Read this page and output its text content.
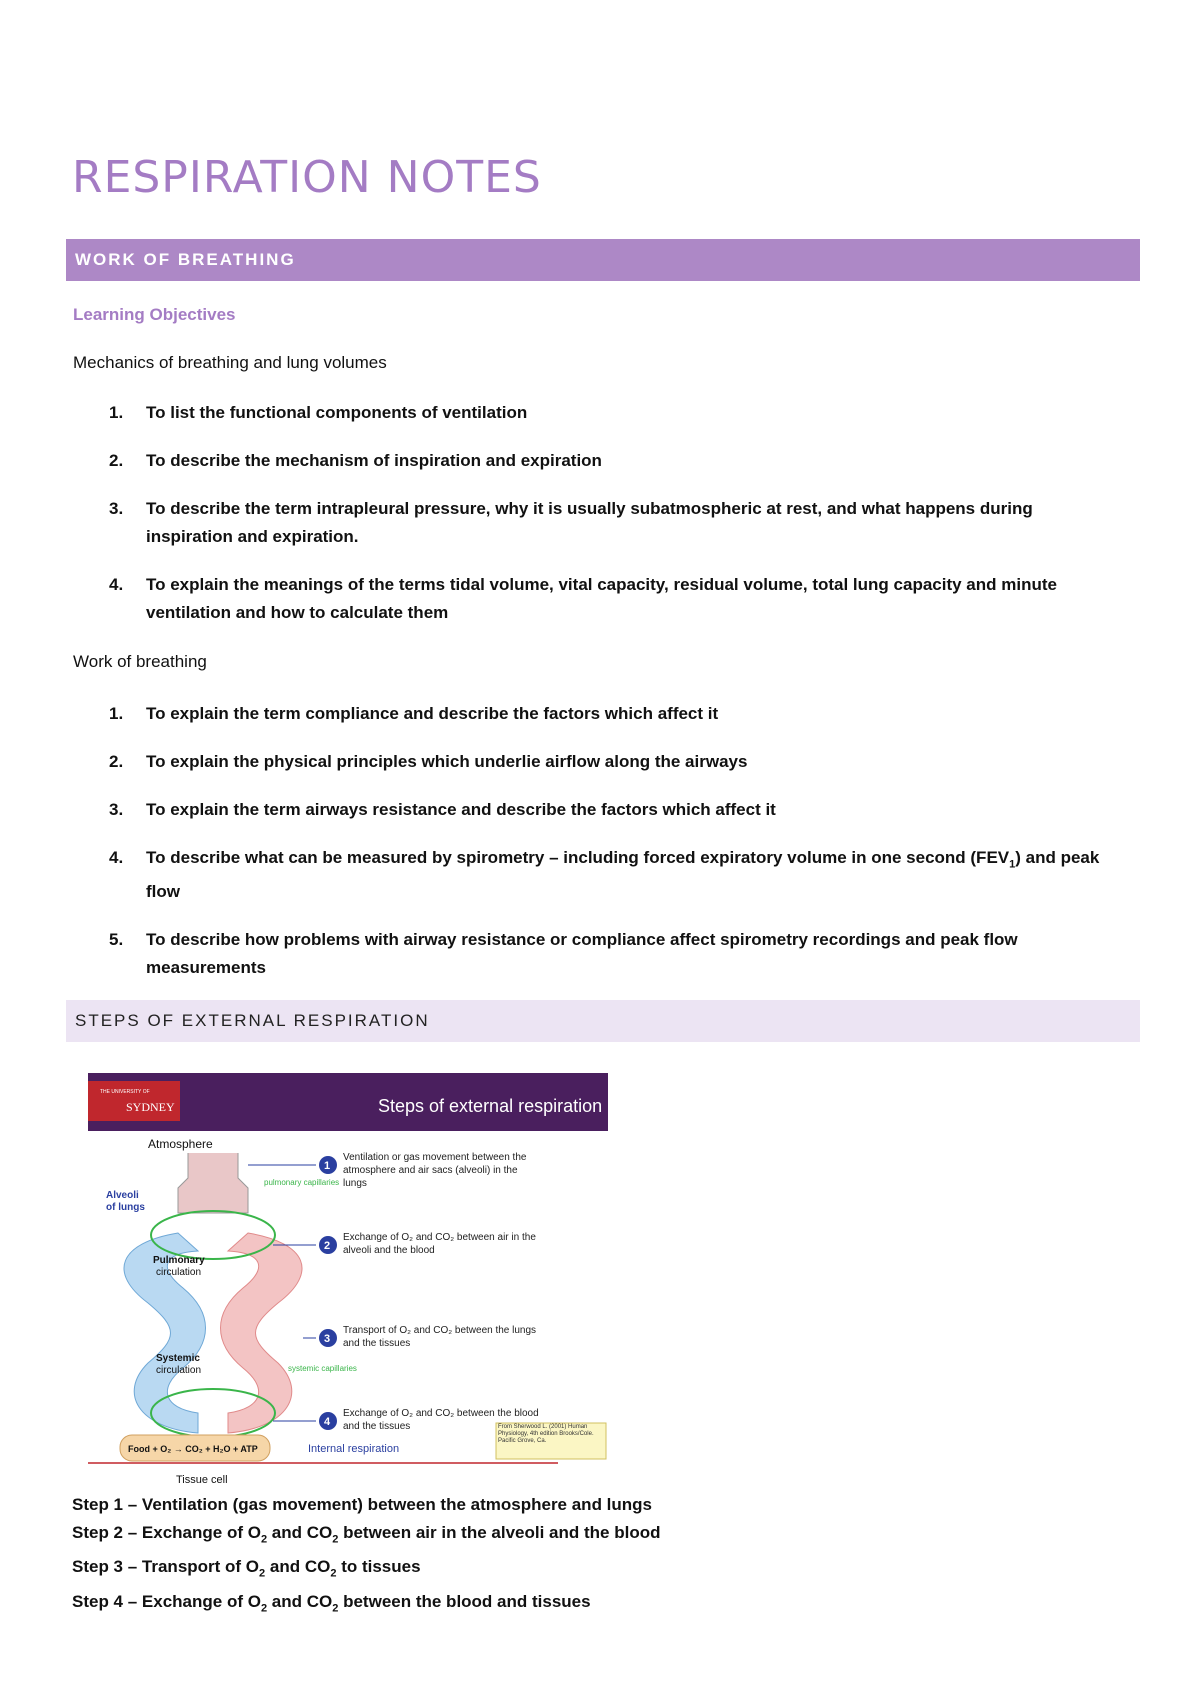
RESPIRATION NOTES
WORK OF BREATHING
Learning Objectives
Mechanics of breathing and lung volumes
1. To list the functional components of ventilation
2. To describe the mechanism of inspiration and expiration
3. To describe the term intrapleural pressure, why it is usually subatmospheric at rest, and what happens during inspiration and expiration.
4. To explain the meanings of the terms tidal volume, vital capacity, residual volume, total lung capacity and minute ventilation and how to calculate them
Work of breathing
1. To explain the term compliance and describe the factors which affect it
2. To explain the physical principles which underlie airflow along the airways
3. To explain the term airways resistance and describe the factors which affect it
4. To describe what can be measured by spirometry – including forced expiratory volume in one second $(FEV_1)$ and peak flow
5. To describe how problems with airway resistance or compliance affect spirometry recordings and peak flow measurements
STEPS OF EXTERNAL RESPIRATION
THE UNIVERSITY OF
SYDNEY	Steps of external respiration
Atmosphere
Alveoli
of lungs
pulmonary capillaries
Pulmonary
circulation
Systemic
circulation	systemic capillaries
Food + O₂ → CO₂ + H₂O + ATP
Tissue cell
Internal respiration
1
Ventilation or gas movement between the atmosphere and air sacs (alveoli) in the lungs
2
Exchange of O₂ and CO₂ between air in the alveoli and the blood
3
Transport of O₂ and CO₂ between the lungs and the tissues
4
Exchange of O₂ and CO₂ between the blood and the tissues	From Sherwood L. (2001) Human Physiology, 4th edition Brooks/Cole. Pacific Grove, Ca.
Step 1 – Ventilation (gas movement) between the atmosphere and lungs
Step 2 – Exchange of $O_2$ and $CO_2$ between air in the alveoli and the blood
Step 3 – Transport of $O_2$ and $CO_2$ to tissues
Step 4 – Exchange of $O_2$ and $CO_2$ between the blood and tissues
